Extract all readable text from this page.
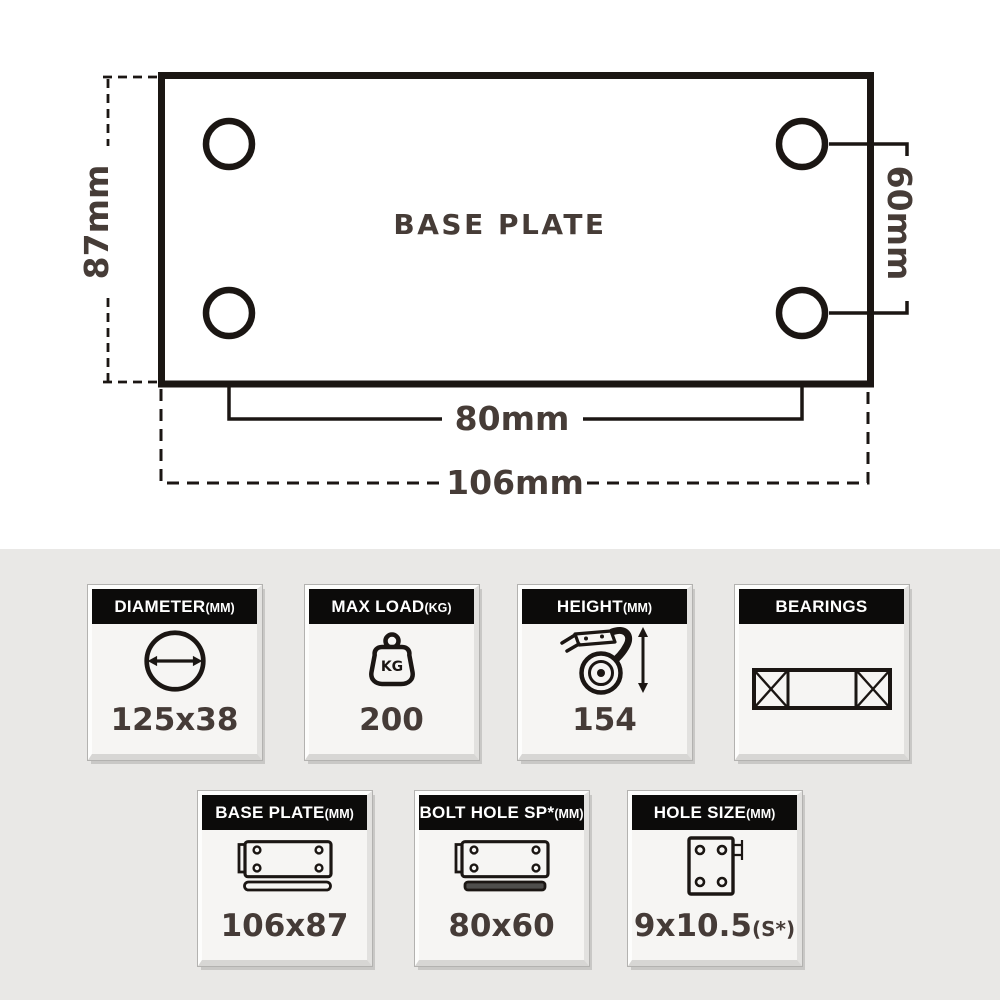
BASE PLATE
87mm	60mm
80mm
106mm
DIAMETER(MM)
125x38
MAX LOAD(KG)
KG
200
HEIGHT(MM)
154
BEARINGS
BASE PLATE(MM)
106x87
BOLT HOLE SP*(MM)
80x60
HOLE SIZE(MM)
9x10.5(S*)
